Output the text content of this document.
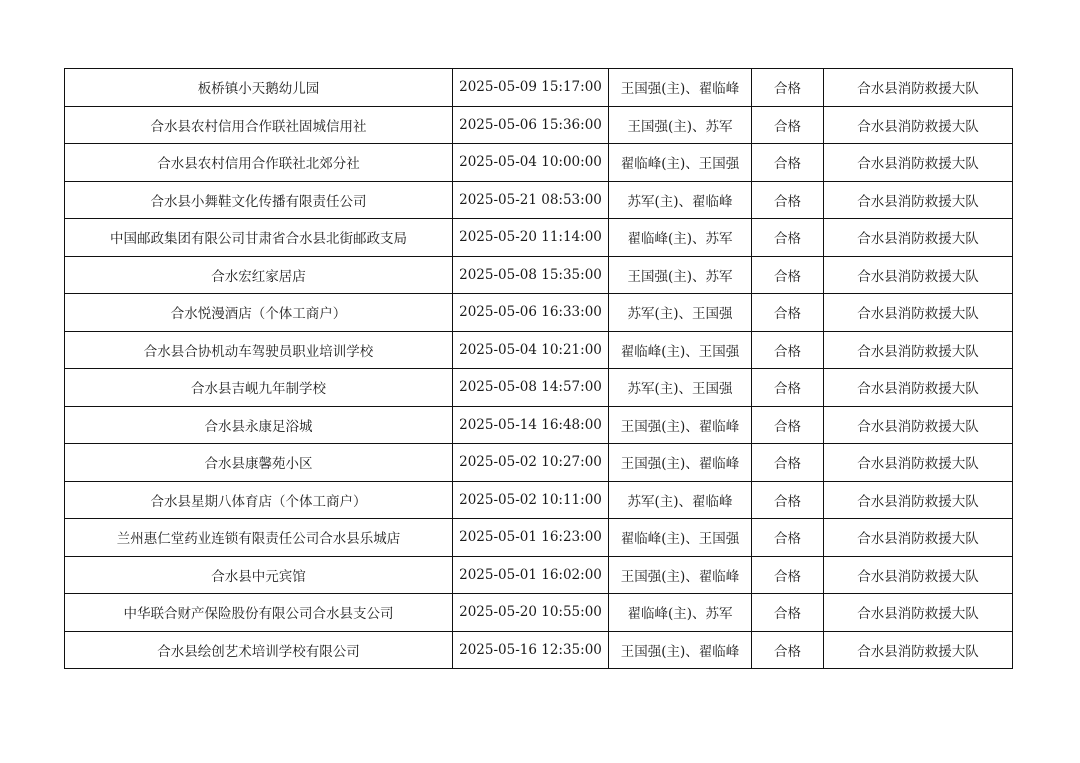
板桥镇小天鹅幼儿园	2025-05-09 15:17:00	王国强(主)、翟临峰	合格	合水县消防救援大队
合水县农村信用合作联社固城信用社	2025-05-06 15:36:00	王国强(主)、苏军	合格	合水县消防救援大队
合水县农村信用合作联社北郊分社	2025-05-04 10:00:00	翟临峰(主)、王国强	合格	合水县消防救援大队
合水县小舞鞋文化传播有限责任公司	2025-05-21 08:53:00	苏军(主)、翟临峰	合格	合水县消防救援大队
中国邮政集团有限公司甘肃省合水县北街邮政支局	2025-05-20 11:14:00	翟临峰(主)、苏军	合格	合水县消防救援大队
合水宏红家居店	2025-05-08 15:35:00	王国强(主)、苏军	合格	合水县消防救援大队
合水悦漫酒店（个体工商户）	2025-05-06 16:33:00	苏军(主)、王国强	合格	合水县消防救援大队
合水县合协机动车驾驶员职业培训学校	2025-05-04 10:21:00	翟临峰(主)、王国强	合格	合水县消防救援大队
合水县吉岘九年制学校	2025-05-08 14:57:00	苏军(主)、王国强	合格	合水县消防救援大队
合水县永康足浴城	2025-05-14 16:48:00	王国强(主)、翟临峰	合格	合水县消防救援大队
合水县康馨苑小区	2025-05-02 10:27:00	王国强(主)、翟临峰	合格	合水县消防救援大队
合水县星期八体育店（个体工商户）	2025-05-02 10:11:00	苏军(主)、翟临峰	合格	合水县消防救援大队
兰州惠仁堂药业连锁有限责任公司合水县乐城店	2025-05-01 16:23:00	翟临峰(主)、王国强	合格	合水县消防救援大队
合水县中元宾馆	2025-05-01 16:02:00	王国强(主)、翟临峰	合格	合水县消防救援大队
中华联合财产保险股份有限公司合水县支公司	2025-05-20 10:55:00	翟临峰(主)、苏军	合格	合水县消防救援大队
合水县绘创艺术培训学校有限公司	2025-05-16 12:35:00	王国强(主)、翟临峰	合格	合水县消防救援大队
